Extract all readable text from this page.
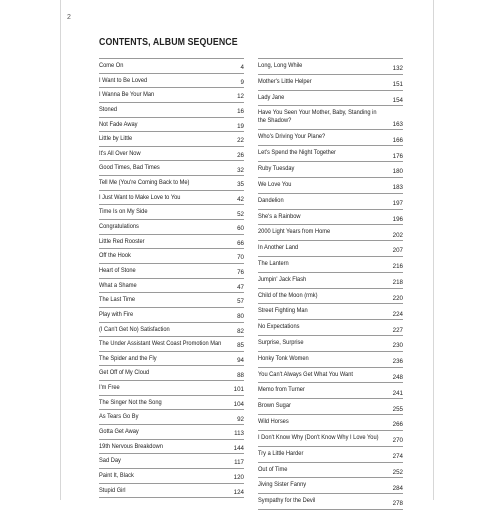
2
CONTENTS, ALBUM SEQUENCE
Come On	4
I Want to Be Loved	9
I Wanna Be Your Man	12
Stoned	16
Not Fade Away	19
Little by Little	22
It's All Over Now	26
Good Times, Bad Times	32
Tell Me (You're Coming Back to Me)	35
I Just Want to Make Love to You	42
Time Is on My Side	52
Congratulations	60
Little Red Rooster	66
Off the Hook	70
Heart of Stone	76
What a Shame	47
The Last Time	57
Play with Fire	80
(I Can't Get No) Satisfaction	82
The Under Assistant West Coast Promotion Man	85
The Spider and the Fly	94
Get Off of My Cloud	88
I'm Free	101
The Singer Not the Song	104
As Tears Go By	92
Gotta Get Away	113
19th Nervous Breakdown	144
Sad Day	117
Paint It, Black	120
Stupid Girl	124
Long, Long While	132
Mother's Little Helper	151
Lady Jane	154
Have You Seen Your Mother, Baby, Standing in the Shadow?
163
Who's Driving Your Plane?	166
Let's Spend the Night Together	176
Ruby Tuesday	180
We Love You	183
Dandelion	197
She's a Rainbow	196
2000 Light Years from Home	202
In Another Land	207
The Lantern	216
Jumpin' Jack Flash	218
Child of the Moon (rmk)	220
Street Fighting Man	224
No Expectations	227
Surprise, Surprise	230
Honky Tonk Women	236
You Can't Always Get What You Want	248
Memo from Turner	241
Brown Sugar	255
Wild Horses	266
I Don't Know Why (Don't Know Why I Love You) 270
Try a Little Harder	274
Out of Time	252
Jiving Sister Fanny	284
Sympathy for the Devil	278
